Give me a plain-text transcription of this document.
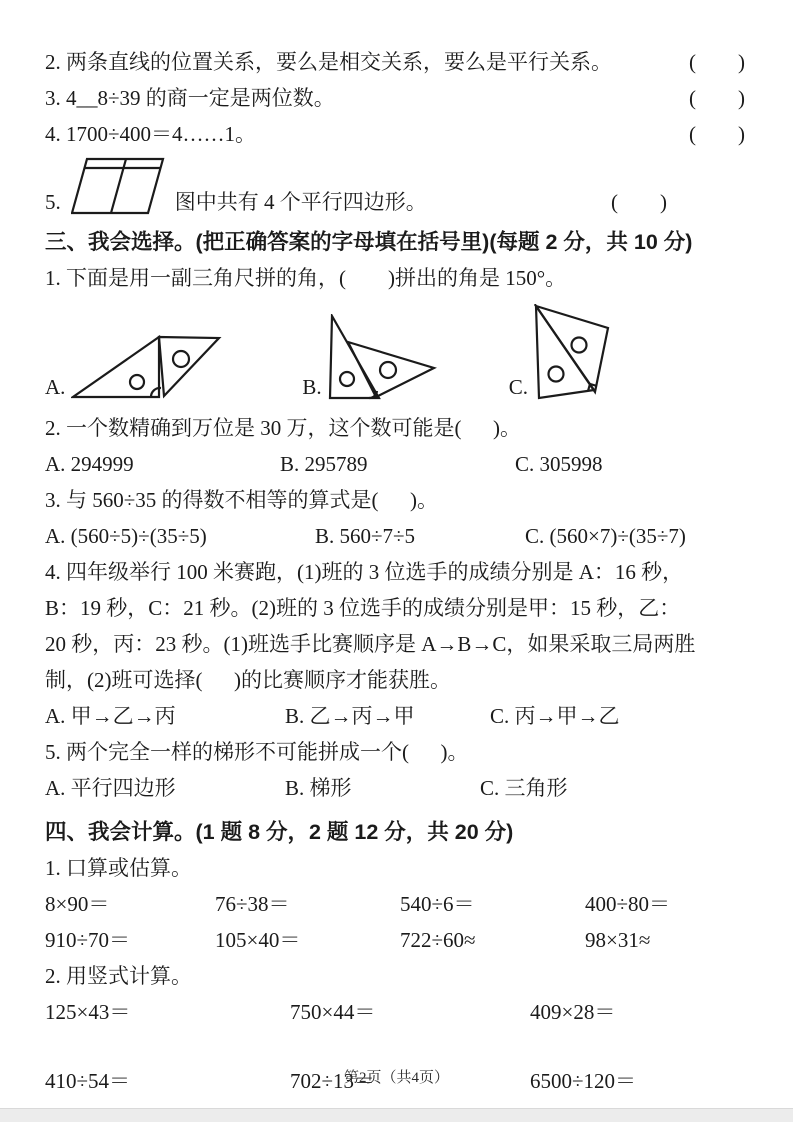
2. 两条直线的位置关系，要么是相交关系，要么是平行关系。	(        )
3. 4__8÷39 的商一定是两位数。	(        )
4. 1700÷400＝4……1。	(        )
5.	图中共有 4 个平行四边形。	(        )
三、我会选择。(把正确答案的字母填在括号里)(每题 2 分，共 10 分)
1. 下面是用一副三角尺拼的角，(        )拼出的角是 150°。
A.	B.	C.
2. 一个数精确到万位是 30 万，这个数可能是(      )。
A. 294999	B. 295789	C. 305998
3. 与 560÷35 的得数不相等的算式是(      )。
A. (560÷5)÷(35÷5)	B. 560÷7÷5	C. (560×7)÷(35÷7)
4. 四年级举行 100 米赛跑，(1)班的 3 位选手的成绩分别是 A：16 秒，
B：19 秒，C：21 秒。(2)班的 3 位选手的成绩分别是甲：15 秒，乙：
20 秒，丙：23 秒。(1)班选手比赛顺序是 A→B→C，如果采取三局两胜
制，(2)班可选择(      )的比赛顺序才能获胜。
A. 甲→乙→丙	B. 乙→丙→甲	C. 丙→甲→乙
5. 两个完全一样的梯形不可能拼成一个(      )。
A. 平行四边形	B. 梯形	C. 三角形
四、我会计算。(1 题 8 分，2 题 12 分，共 20 分)
1. 口算或估算。
8×90＝	76÷38＝	540÷6＝	400÷80＝
910÷70＝	105×40＝	722÷60≈	98×31≈
2. 用竖式计算。
125×43＝	750×44＝	409×28＝
410÷54＝	702÷13＝	6500÷120＝
第2页（共4页）
